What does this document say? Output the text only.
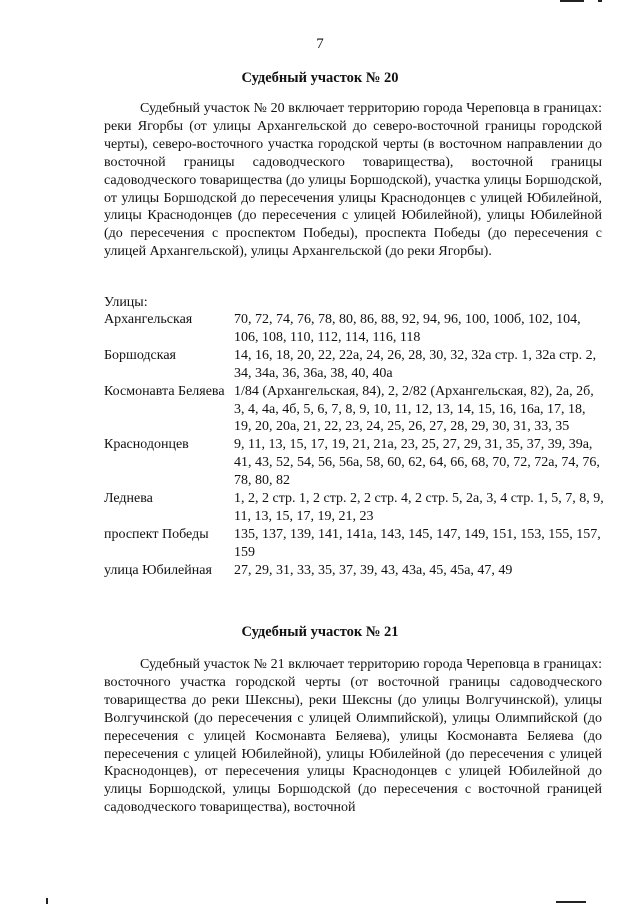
7
Судебный участок № 20

Судебный участок № 20 включает территорию города Череповца в границах: реки Ягорбы (от улицы Архангельской до северо-восточной границы городской черты), северо-восточного участка городской черты (в восточном направлении до восточной границы садоводческого товарищества), восточной границы садоводческого товарищества (до улицы Боршодской), участка улицы Боршодской, от улицы Боршодской до пересечения улицы Краснодонцев с улицей Юбилейной, улицы Краснодонцев (до пересечения с улицей Юбилейной), улицы Юбилейной (до пересечения с проспектом Победы), проспекта Победы (до пересечения с улицей Архангельской), улицы Архангельской (до реки Ягорбы).

Улицы:
Архангельская	70, 72, 74, 76, 78, 80, 86, 88, 92, 94, 96, 100, 100б, 102, 104, 106, 108, 110, 112, 114, 116, 118
Боршодская	14, 16, 18, 20, 22, 22а, 24, 26, 28, 30, 32, 32а стр. 1, 32а стр. 2, 34, 34а, 36, 36а, 38, 40, 40а
Космонавта Беляева 1/84 (Архангельская, 84), 2, 2/82 (Архангельская, 82), 2а, 2б, 3, 4, 4а, 4б, 5, 6, 7, 8, 9, 10, 11, 12, 13, 14, 15, 16, 16а, 17, 18, 19, 20, 20а, 21, 22, 23, 24, 25, 26, 27, 28, 29, 30, 31, 33, 35
Краснодонцев	9, 11, 13, 15, 17, 19, 21, 21а, 23, 25, 27, 29, 31, 35, 37, 39, 39а, 41, 43, 52, 54, 56, 56а, 58, 60, 62, 64, 66, 68, 70, 72, 72а, 74, 76, 78, 80, 82
Леднева	1, 2, 2 стр. 1, 2 стр. 2, 2 стр. 4, 2 стр. 5, 2а, 3, 4 стр. 1, 5, 7, 8, 9, 11, 13, 15, 17, 19, 21, 23
проспект Победы	135, 137, 139, 141, 141а, 143, 145, 147, 149, 151, 153, 155, 157, 159
улица Юбилейная	27, 29, 31, 33, 35, 37, 39, 43, 43а, 45, 45а, 47, 49
Судебный участок № 21

Судебный участок № 21 включает территорию города Череповца в границах: восточного участка городской черты (от восточной границы садоводческого товарищества до реки Шексны), реки Шексны (до улицы Волгучинской), улицы Волгучинской (до пересечения с улицей Олимпийской), улицы Олимпийской (до пересечения с улицей Космонавта Беляева), улицы Космонавта Беляева (до пересечения с улицей Юбилейной), улицы Юбилейной (до пересечения с улицей Краснодонцев), от пересечения улицы Краснодонцев с улицей Юбилейной до улицы Боршодской, улицы Боршодской (до пересечения с восточной границей садоводческого товарищества), восточной
